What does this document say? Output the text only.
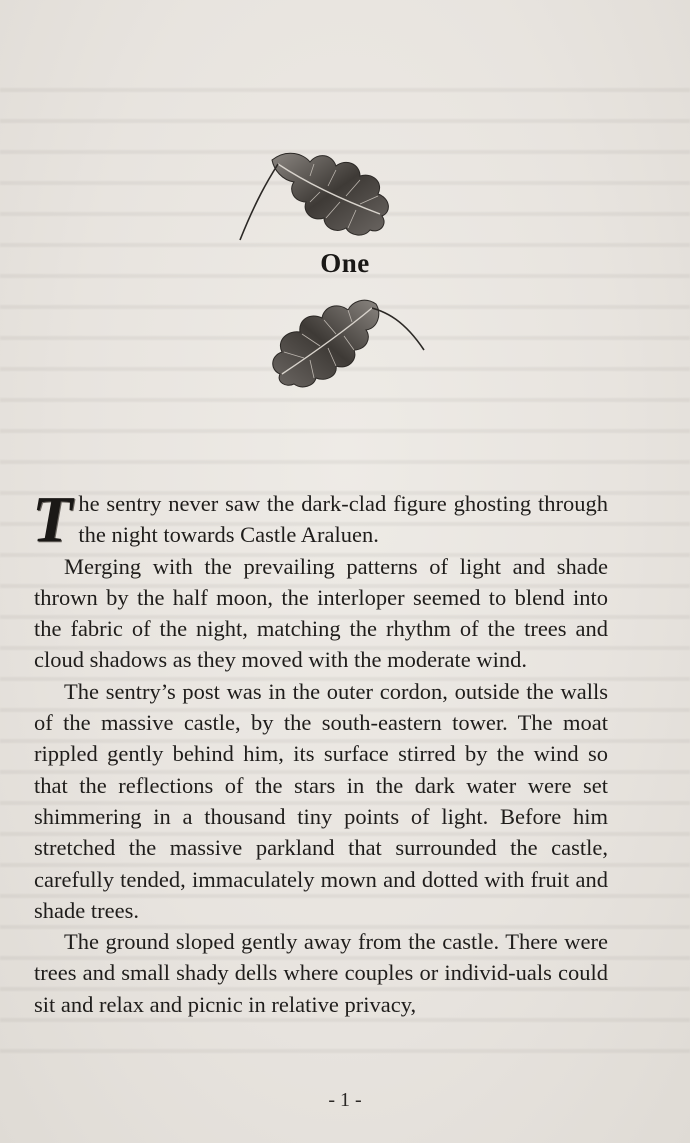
One

The sentry never saw the dark-clad figure ghosting through the night towards Castle Araluen.

Merging with the prevailing patterns of light and shade thrown by the half moon, the interloper seemed to blend into the fabric of the night, matching the rhythm of the trees and cloud shadows as they moved with the moderate wind.

The sentry’s post was in the outer cordon, outside the walls of the massive castle, by the south-eastern tower. The moat rippled gently behind him, its surface stirred by the wind so that the reflections of the stars in the dark water were set shimmering in a thousand tiny points of light. Before him stretched the massive parkland that surrounded the castle, carefully tended, immaculately mown and dotted with fruit and shade trees.

The ground sloped gently away from the castle. There were trees and small shady dells where couples or individ-uals could sit and relax and picnic in relative privacy,

- 1 -
